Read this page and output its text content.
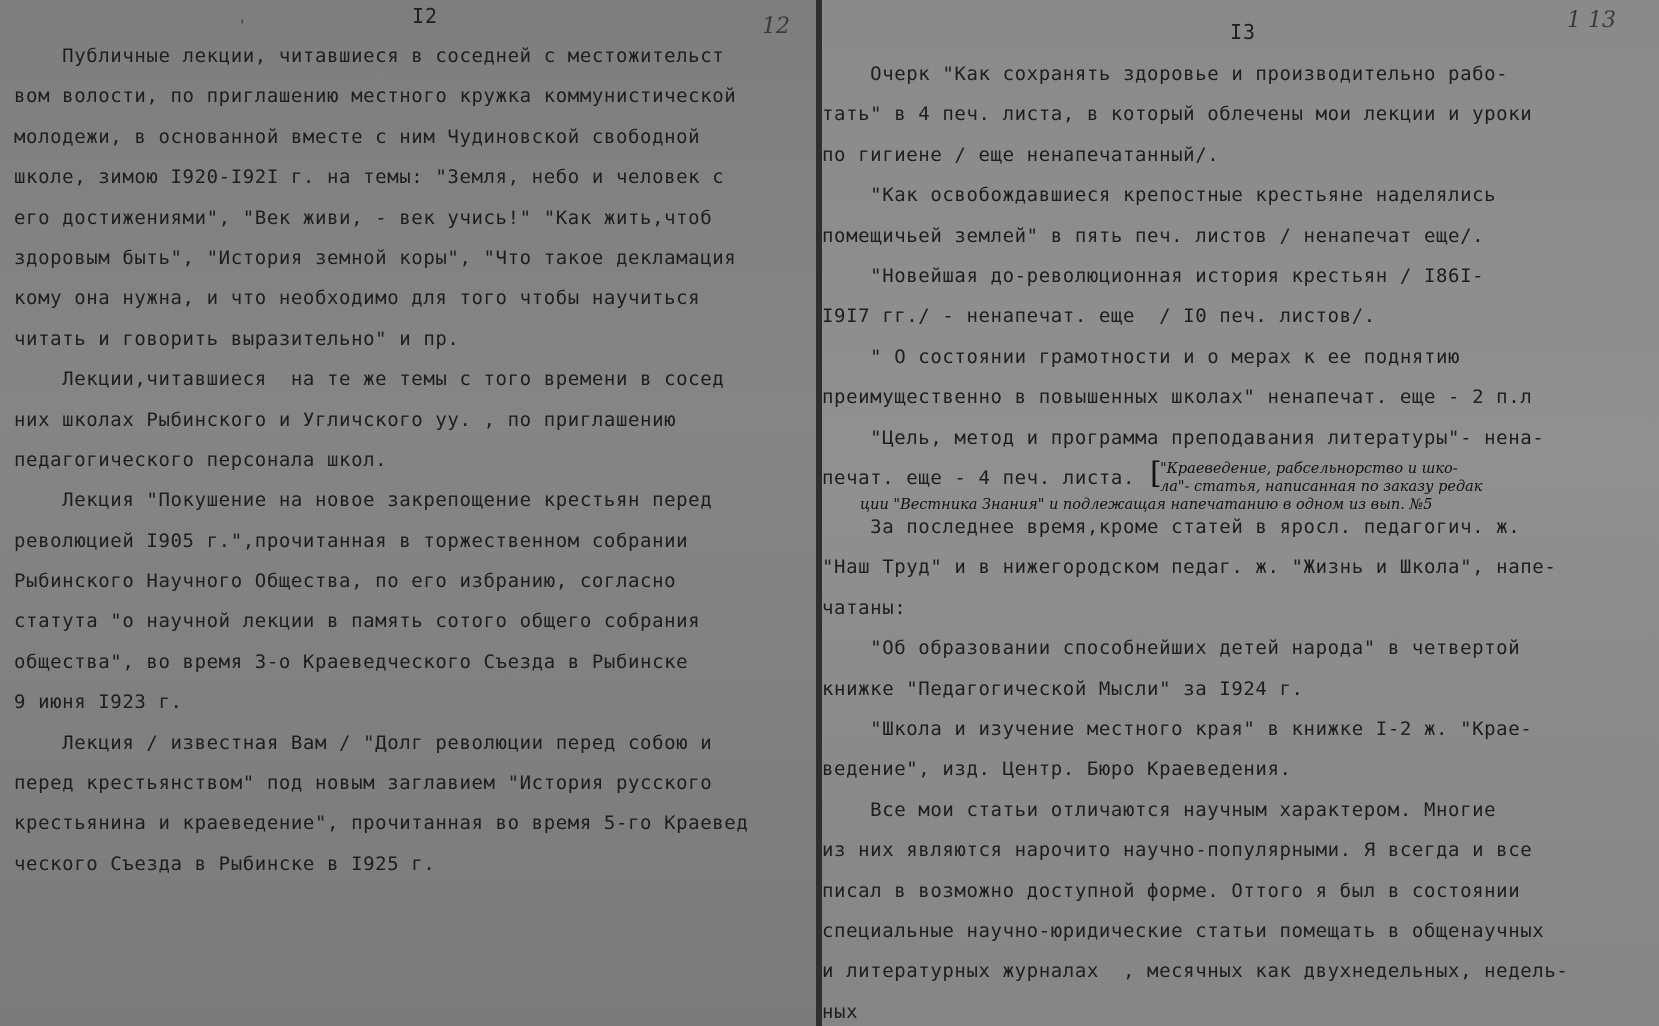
I2	12
'
Публичные лекции, читавшиеся в соседней с местожительст
вом волости, по приглашению местного кружка коммунистической
молодежи, в основанной вместе с ним Чудиновской свободной
школе, зимою I920-I92I г. на темы: "Земля, небо и человек с
его достижениями", "Век живи, - век учись!" "Как жить,чтоб
здоровым быть", "История земной коры", "Что такое декламация
кому она нужна, и что необходимо для того чтобы научиться
читать и говорить выразительно" и пр.
Лекции,читавшиеся  на те же темы с того времени в сосед
них школах Рыбинского и Угличского уу. , по приглашению
педагогического персонала школ.
Лекция "Покушение на новое закрепощение крестьян перед
революцией I905 г.",прочитанная в торжественном собрании
Рыбинского Научного Общества, по его избранию, согласно
статута "о научной лекции в память сотого общего собрания
общества", во время 3-о Краеведческого Съезда в Рыбинске
9 июня I923 г.
Лекция / известная Вам / "Долг революции перед собою и
перед крестьянством" под новым заглавием "История русского
крестьянина и краеведение", прочитанная во время 5-го Краевед
ческого Съезда в Рыбинске в I925 г.
I3	1 13
Очерк "Как сохранять здоровье и производительно рабо-
тать" в 4 печ. листа, в который облечены мои лекции и уроки
по гигиене / еще ненапечатанный/.
"Как освобождавшиеся крепостные крестьяне наделялись
помещичьей землей" в пять печ. листов / ненапечат еще/.
"Новейшая до-революционная история крестьян / I86I-
I9I7 гг./ - ненапечат. еще  / I0 печ. листов/.
" О состоянии грамотности и о мерах к ее поднятию
преимущественно в повышенных школах" ненапечат. еще - 2 п.л
"Цель, метод и программа преподавания литературы"- нена-
печат. еще - 4 печ. листа. [
"Краеведение, рабсельнорство и шко-
ла"- статья, написанная по заказу редак
ции "Вестника Знания" и подлежащая напечатанию в одном из вып. №5
За последнее время,кроме статей в яросл. педагогич. ж.
"Наш Труд" и в нижегородском педаг. ж. "Жизнь и Школа", напе-
чатаны:
"Об образовании способнейших детей народа" в четвертой
книжке "Педагогической Мысли" за I924 г.
"Школа и изучение местного края" в книжке I-2 ж. "Крае-
ведение", изд. Центр. Бюро Краеведения.
Все мои статьи отличаются научным характером. Многие
из них являются нарочито научно-популярными. Я всегда и все
писал в возможно доступной форме. Оттого я был в состоянии
специальные научно-юридические статьи помещать в общенаучных
и литературных журналах  , месячных как двухнедельных, недель-
ных
